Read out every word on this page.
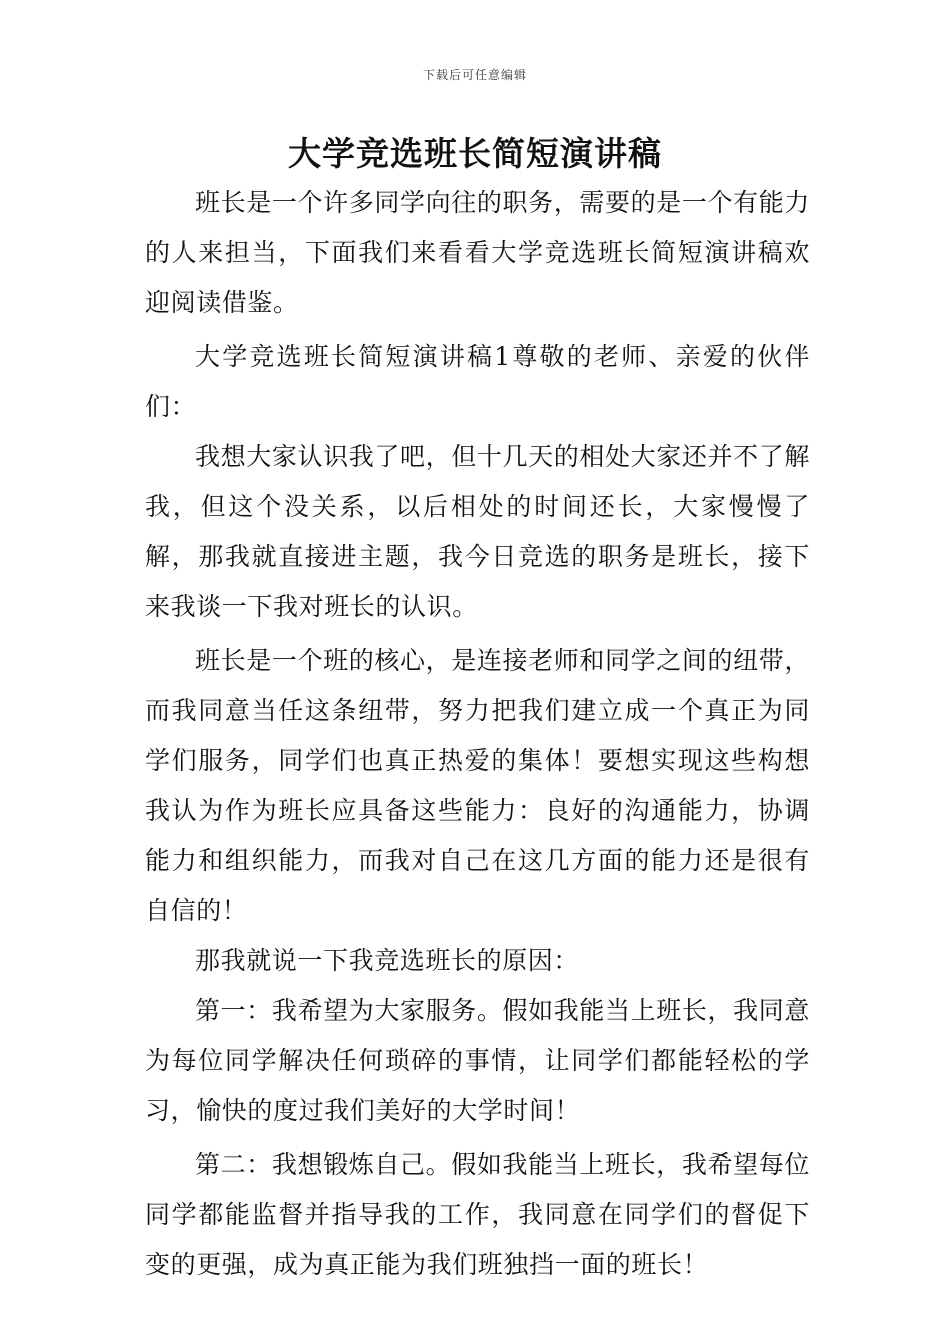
下载后可任意编辑
大学竞选班长简短演讲稿

班长是一个许多同学向往的职务，需要的是一个有能力的人来担当，下面我们来看看大学竞选班长简短演讲稿欢迎阅读借鉴。

大学竞选班长简短演讲稿1尊敬的老师、亲爱的伙伴们：

我想大家认识我了吧，但十几天的相处大家还并不了解我，但这个没关系，以后相处的时间还长，大家慢慢了解，那我就直接进主题，我今日竞选的职务是班长，接下来我谈一下我对班长的认识。

班长是一个班的核心，是连接老师和同学之间的纽带，而我同意当任这条纽带，努力把我们建立成一个真正为同学们服务，同学们也真正热爱的集体！要想实现这些构想我认为作为班长应具备这些能力：良好的沟通能力，协调能力和组织能力，而我对自己在这几方面的能力还是很有自信的！

那我就说一下我竞选班长的原因：

第一：我希望为大家服务。假如我能当上班长，我同意为每位同学解决任何琐碎的事情，让同学们都能轻松的学习，愉快的度过我们美好的大学时间！

第二：我想锻炼自己。假如我能当上班长，我希望每位同学都能监督并指导我的工作，我同意在同学们的督促下变的更强，成为真正能为我们班独挡一面的班长！
